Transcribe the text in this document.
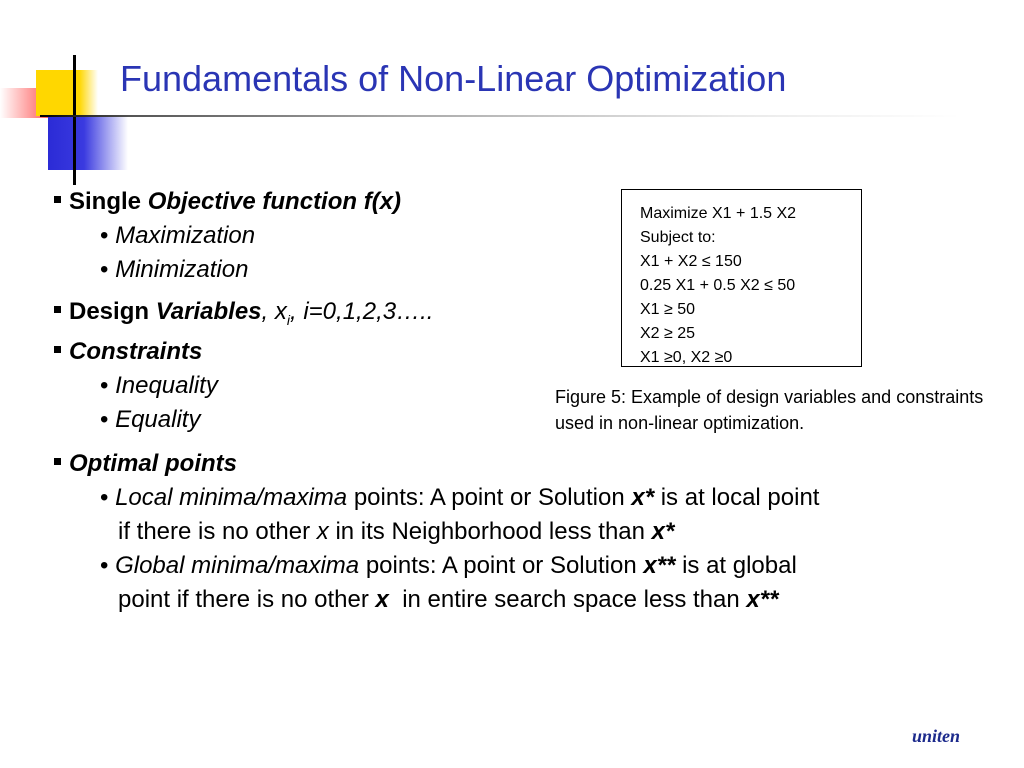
Fundamentals of Non-Linear Optimization
Single Objective function f(x)
• Maximization
• Minimization
Design Variables, $x_i$, i=0,1,2,3…..
Constraints
• Inequality
• Equality
Optimal points
• Local minima/maxima points: A point or Solution x* is at local point
if there is no other x in its Neighborhood less than x*
• Global minima/maxima points: A point or Solution x** is at global
point if there is no other x in entire search space less than x**
Maximize X1 + 1.5 X2
Subject to:
X1 + X2 ≤ 150
0.25 X1 + 0.5 X2 ≤ 50
X1 ≥ 50
X2 ≥ 25
X1 ≥0, X2 ≥0
Figure 5: Example of design variables and constraints used in non-linear optimization.
uniten
